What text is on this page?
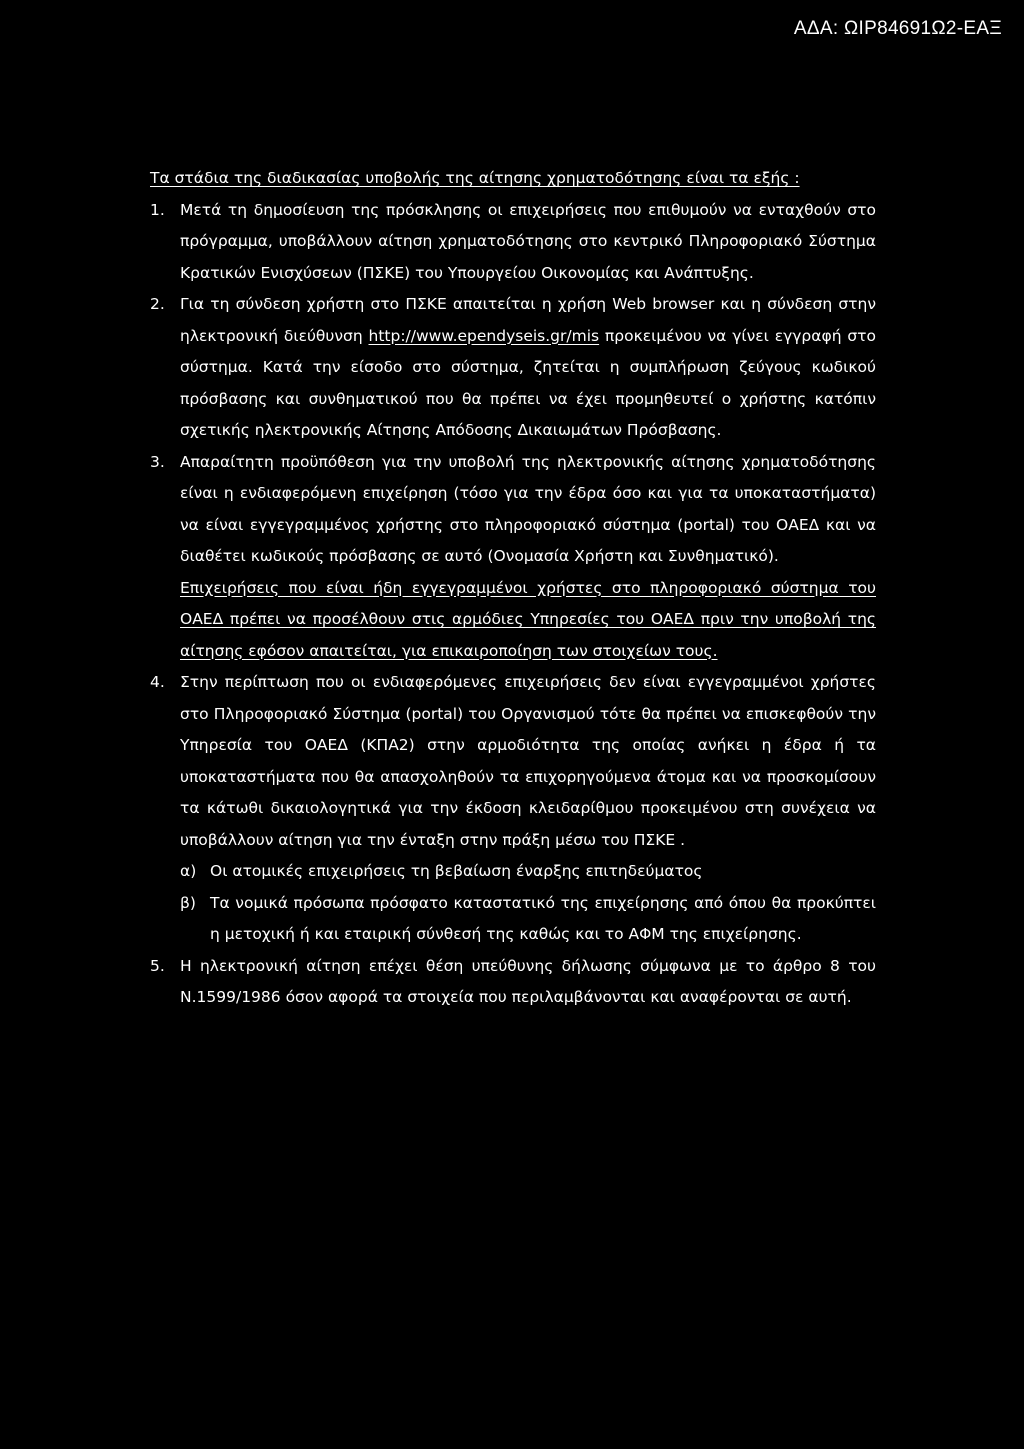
ΑΔΑ: ΩΙΡ84691Ω2-ΕΑΞ

Τα στάδια της διαδικασίας υποβολής της αίτησης χρηματοδότησης είναι τα εξής :

1. Μετά τη δημοσίευση της πρόσκλησης οι επιχειρήσεις που επιθυμούν να ενταχθούν στο πρόγραμμα, υποβάλλουν αίτηση χρηματοδότησης στο κεντρικό Πληροφοριακό Σύστημα Κρατικών Ενισχύσεων (ΠΣΚΕ) του Υπουργείου Οικονομίας και Ανάπτυξης.

2. Για τη σύνδεση χρήστη στο ΠΣΚΕ απαιτείται η χρήση Web browser και η σύνδεση στην ηλεκτρονική διεύθυνση http://www.ependyseis.gr/mis προκειμένου να γίνει εγγραφή στο σύστημα. Κατά την είσοδο στο σύστημα, ζητείται η συμπλήρωση ζεύγους κωδικού πρόσβασης και συνθηματικού που θα πρέπει να έχει προμηθευτεί ο χρήστης κατόπιν σχετικής ηλεκτρονικής Αίτησης Απόδοσης Δικαιωμάτων Πρόσβασης.

3. Απαραίτητη προϋπόθεση για την υποβολή της ηλεκτρονικής αίτησης χρηματοδότησης είναι η ενδιαφερόμενη επιχείρηση (τόσο για την έδρα όσο και για τα υποκαταστήματα) να είναι εγγεγραμμένος χρήστης στο πληροφοριακό σύστημα (portal) του ΟΑΕΔ και να διαθέτει κωδικούς πρόσβασης σε αυτό (Ονομασία Χρήστη και Συνθηματικό).

Επιχειρήσεις που είναι ήδη εγγεγραμμένοι χρήστες στο πληροφοριακό σύστημα του ΟΑΕΔ πρέπει να προσέλθουν στις αρμόδιες Υπηρεσίες του ΟΑΕΔ πριν την υποβολή της αίτησης εφόσον απαιτείται, για επικαιροποίηση των στοιχείων τους.

4. Στην περίπτωση που οι ενδιαφερόμενες επιχειρήσεις δεν είναι εγγεγραμμένοι χρήστες στο Πληροφοριακό Σύστημα (portal) του Οργανισμού τότε θα πρέπει να επισκεφθούν την Υπηρεσία του ΟΑΕΔ (ΚΠΑ2) στην αρμοδιότητα της οποίας ανήκει η έδρα ή τα υποκαταστήματα που θα απασχοληθούν τα επιχορηγούμενα άτομα και να προσκομίσουν τα κάτωθι δικαιολογητικά για την έκδοση κλειδαρίθμου προκειμένου στη συνέχεια να υποβάλλουν αίτηση για την ένταξη στην πράξη μέσω του ΠΣΚΕ .

α) Οι ατομικές επιχειρήσεις τη βεβαίωση έναρξης επιτηδεύματος
β) Τα νομικά πρόσωπα πρόσφατο καταστατικό της επιχείρησης από όπου θα προκύπτει η μετοχική ή και εταιρική σύνθεσή της καθώς και το ΑΦΜ της επιχείρησης.
5. Η ηλεκτρονική αίτηση επέχει θέση υπεύθυνης δήλωσης σύμφωνα με το άρθρο 8 του Ν.1599/1986 όσον αφορά τα στοιχεία που περιλαμβάνονται και αναφέρονται σε αυτή.
